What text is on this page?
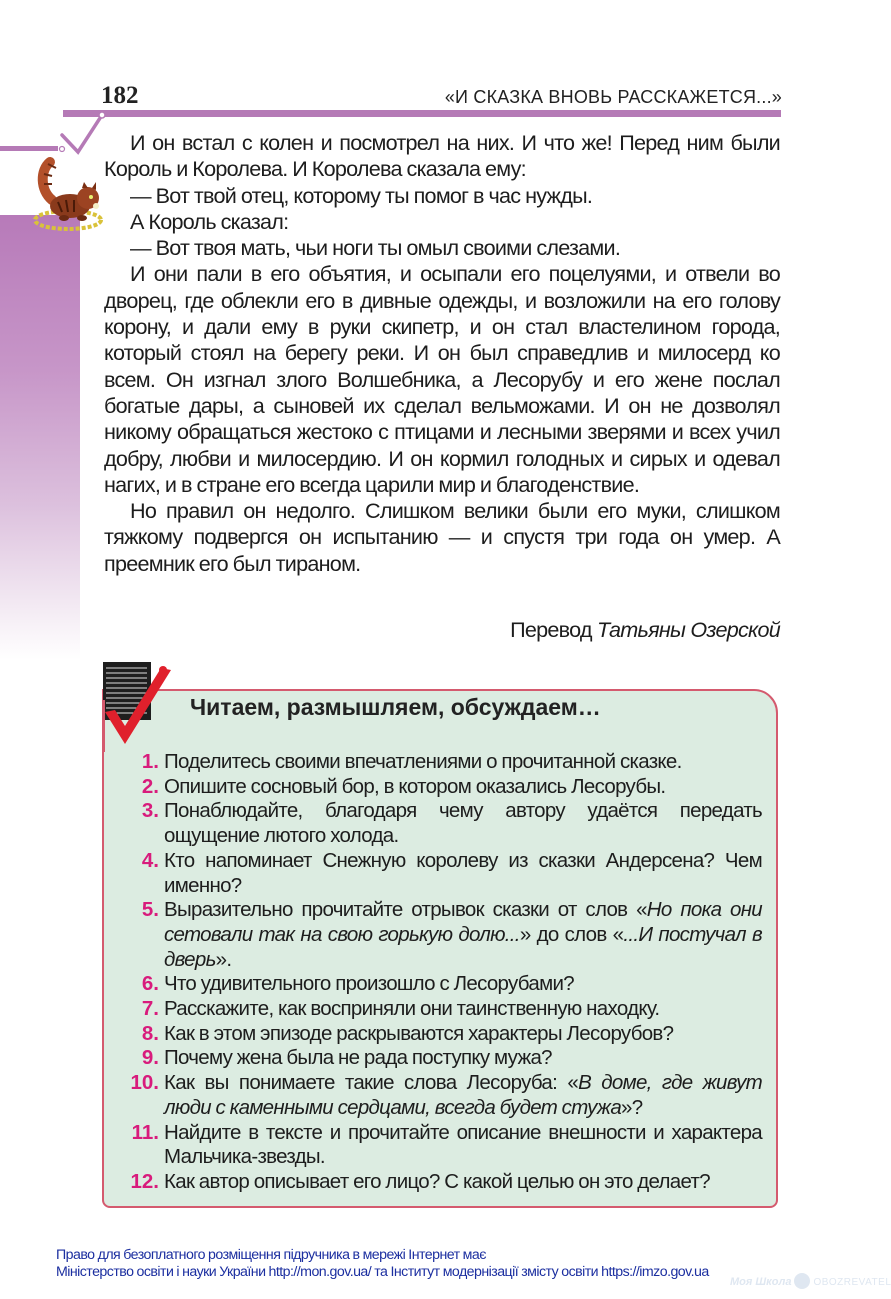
Моя Школа OBOZREVATEL
182	«И СКАЗКА ВНОВЬ РАССКАЖЕТСЯ...»

И он встал с колен и посмотрел на них. И что же! Перед ним были Король и Королева. И Королева сказала ему:

— Вот твой отец, которому ты помог в час нужды.

А Король сказал:

— Вот твоя мать, чьи ноги ты омыл своими слезами.

И они пали в его объятия, и осыпали его поцелуями, и отвели во дворец, где облекли его в дивные одежды, и возложили на его голову корону, и дали ему в руки скипетр, и он стал властелином города, который стоял на берегу реки. И он был справедлив и милосерд ко всем. Он изгнал злого Волшебника, а Лесорубу и его жене послал богатые дары, а сыновей их сделал вельможами. И он не дозволял никому обращаться жестоко с птицами и лесными зверями и всех учил добру, любви и милосердию. И он кормил голодных и сирых и одевал нагих, и в стране его всегда царили мир и благоденствие.

Но правил он недолго. Слишком велики были его муки, слишком тяжкому подвергся он испытанию — и спустя три года он умер. А преемник его был тираном.

Перевод Татьяны Озерской
Читаем, размышляем, обсуждаем…
1. Поделитесь своими впечатлениями о прочитанной сказке.
2. Опишите сосновый бор, в котором оказались Лесорубы.
3. Понаблюдайте, благодаря чему автору удаётся передать ощущение лютого холода.
4. Кто напоминает Снежную королеву из сказки Андерсена? Чем именно?
5. Выразительно прочитайте отрывок сказки от слов «Но пока они сетовали так на свою горькую долю...» до слов «...И постучал в дверь».
6. Что удивительного произошло с Лесорубами?
7. Расскажите, как восприняли они таинственную находку.
8. Как в этом эпизоде раскрываются характеры Лесорубов?
9. Почему жена была не рада поступку мужа?
10. Как вы понимаете такие слова Лесоруба: «В доме, где живут люди с каменными сердцами, всегда будет стужа»?
11. Найдите в тексте и прочитайте описание внешности и характера Мальчика-звезды.
12. Как автор описывает его лицо? С какой целью он это делает?
Право для безоплатного розміщення підручника в мережі Інтернет має
Міністерство освіти і науки України http://mon.gov.ua/ та Інститут модернізації змісту освіти https://imzo.gov.ua
